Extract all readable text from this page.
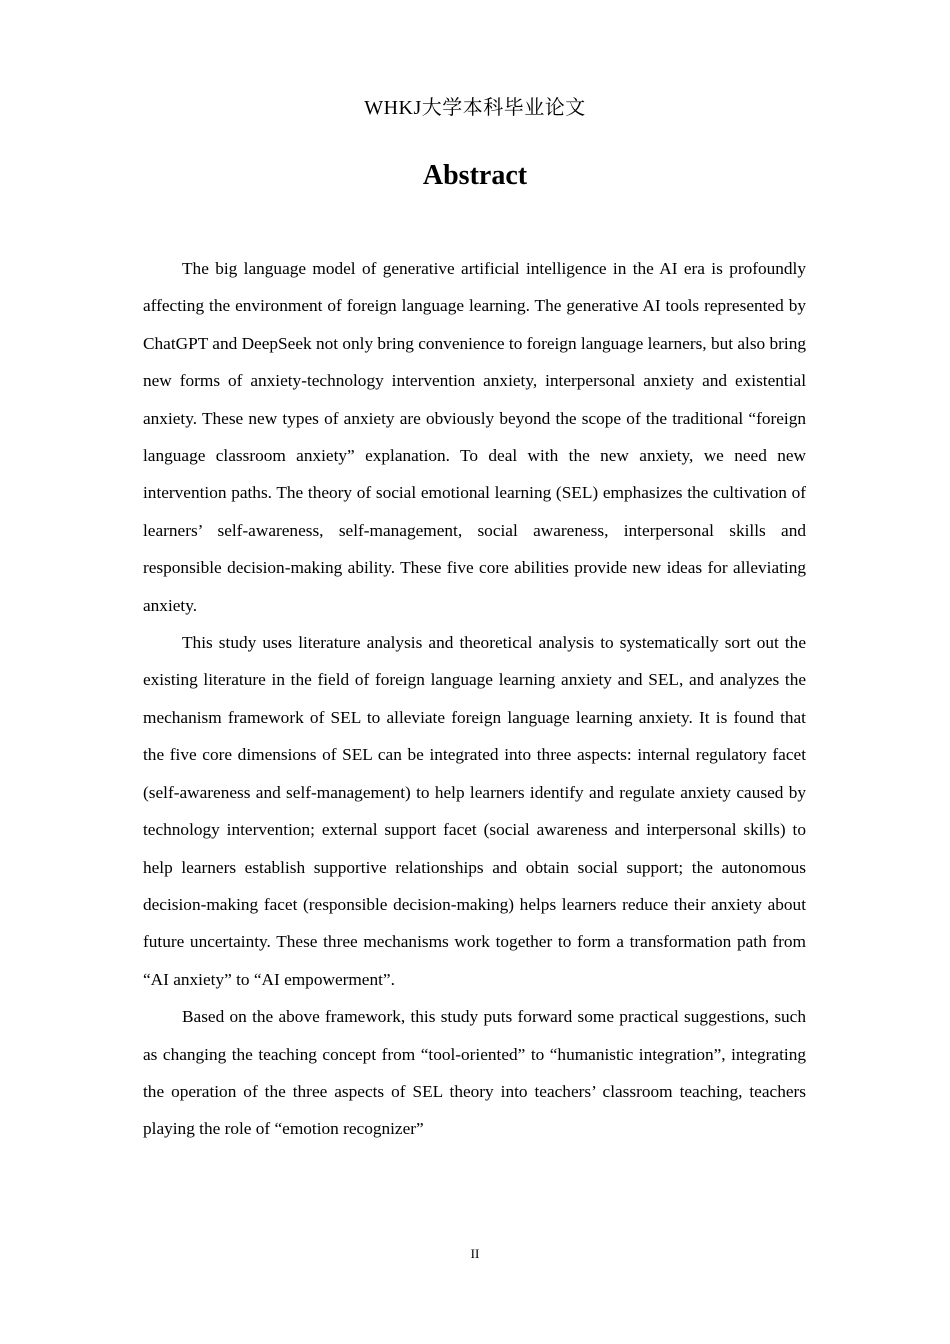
WHKJ大学本科毕业论文
Abstract

The big language model of generative artificial intelligence in the AI era is profoundly affecting the environment of foreign language learning. The generative AI tools represented by ChatGPT and DeepSeek not only bring convenience to foreign language learners, but also bring new forms of anxiety-technology intervention anxiety, interpersonal anxiety and existential anxiety. These new types of anxiety are obviously beyond the scope of the traditional “foreign language classroom anxiety” explanation. To deal with the new anxiety, we need new intervention paths. The theory of social emotional learning (SEL) emphasizes the cultivation of learners’ self-awareness, self-management, social awareness, interpersonal skills and responsible decision-making ability. These five core abilities provide new ideas for alleviating anxiety.

This study uses literature analysis and theoretical analysis to systematically sort out the existing literature in the field of foreign language learning anxiety and SEL, and analyzes the mechanism framework of SEL to alleviate foreign language learning anxiety. It is found that the five core dimensions of SEL can be integrated into three aspects: internal regulatory facet (self-awareness and self-management) to help learners identify and regulate anxiety caused by technology intervention; external support facet (social awareness and interpersonal skills) to help learners establish supportive relationships and obtain social support; the autonomous decision-making facet (responsible decision-making) helps learners reduce their anxiety about future uncertainty. These three mechanisms work together to form a transformation path from “AI anxiety” to “AI empowerment”.

Based on the above framework, this study puts forward some practical suggestions, such as changing the teaching concept from “tool-oriented” to “humanistic integration”, integrating the operation of the three aspects of SEL theory into teachers’ classroom teaching, teachers playing the role of “emotion recognizer”

II
